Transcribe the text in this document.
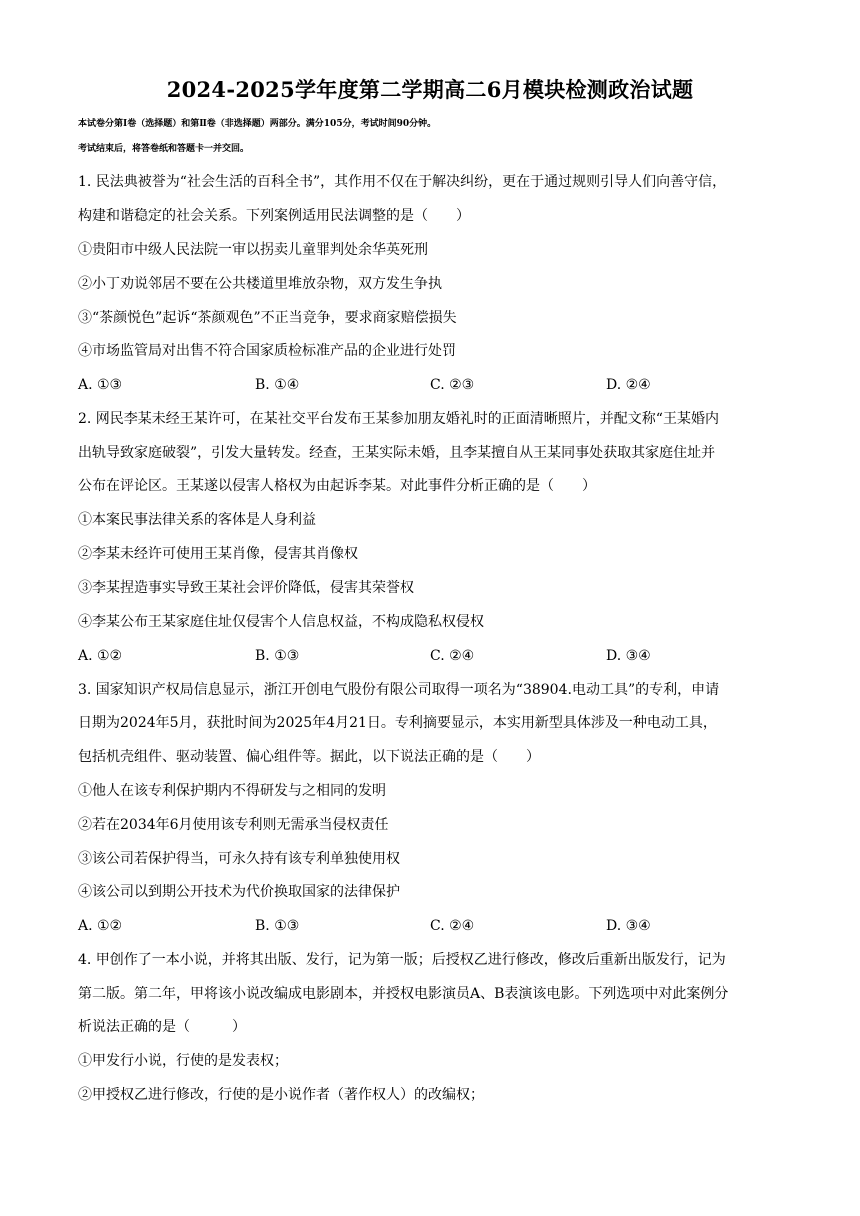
2024-2025学年度第二学期高二6月模块检测政治试题
本试卷分第Ⅰ卷（选择题）和第Ⅱ卷（非选择题）两部分。满分105分，考试时间90分钟。
考试结束后，将答卷纸和答题卡一并交回。
1. 民法典被誉为“社会生活的百科全书”，其作用不仅在于解决纠纷，更在于通过规则引导人们向善守信，
构建和谐稳定的社会关系。下列案例适用民法调整的是（　　）
①贵阳市中级人民法院一审以拐卖儿童罪判处余华英死刑
②小丁劝说邻居不要在公共楼道里堆放杂物，双方发生争执
③“茶颜悦色”起诉“茶颜观色”不正当竞争，要求商家赔偿损失
④市场监管局对出售不符合国家质检标准产品的企业进行处罚
A. ①③	B. ①④	C. ②③	D. ②④
2. 网民李某未经王某许可，在某社交平台发布王某参加朋友婚礼时的正面清晰照片，并配文称“王某婚内
出轨导致家庭破裂”，引发大量转发。经查，王某实际未婚，且李某擅自从王某同事处获取其家庭住址并
公布在评论区。王某遂以侵害人格权为由起诉李某。对此事件分析正确的是（　　）
①本案民事法律关系的客体是人身利益
②李某未经许可使用王某肖像，侵害其肖像权
③李某捏造事实导致王某社会评价降低，侵害其荣誉权
④李某公布王某家庭住址仅侵害个人信息权益，不构成隐私权侵权
A. ①②	B. ①③	C. ②④	D. ③④
3. 国家知识产权局信息显示，浙江开创电气股份有限公司取得一项名为“38904.电动工具”的专利，申请
日期为2024年5月，获批时间为2025年4月21日。专利摘要显示，本实用新型具体涉及一种电动工具，
包括机壳组件、驱动装置、偏心组件等。据此，以下说法正确的是（　　）
①他人在该专利保护期内不得研发与之相同的发明
②若在2034年6月使用该专利则无需承当侵权责任
③该公司若保护得当，可永久持有该专利单独使用权
④该公司以到期公开技术为代价换取国家的法律保护
A. ①②	B. ①③	C. ②④	D. ③④
4. 甲创作了一本小说，并将其出版、发行，记为第一版；后授权乙进行修改，修改后重新出版发行，记为
第二版。第二年，甲将该小说改编成电影剧本，并授权电影演员A、B表演该电影。下列选项中对此案例分
析说法正确的是（　　　）
①甲发行小说，行使的是发表权；
②甲授权乙进行修改，行使的是小说作者（著作权人）的改编权；
